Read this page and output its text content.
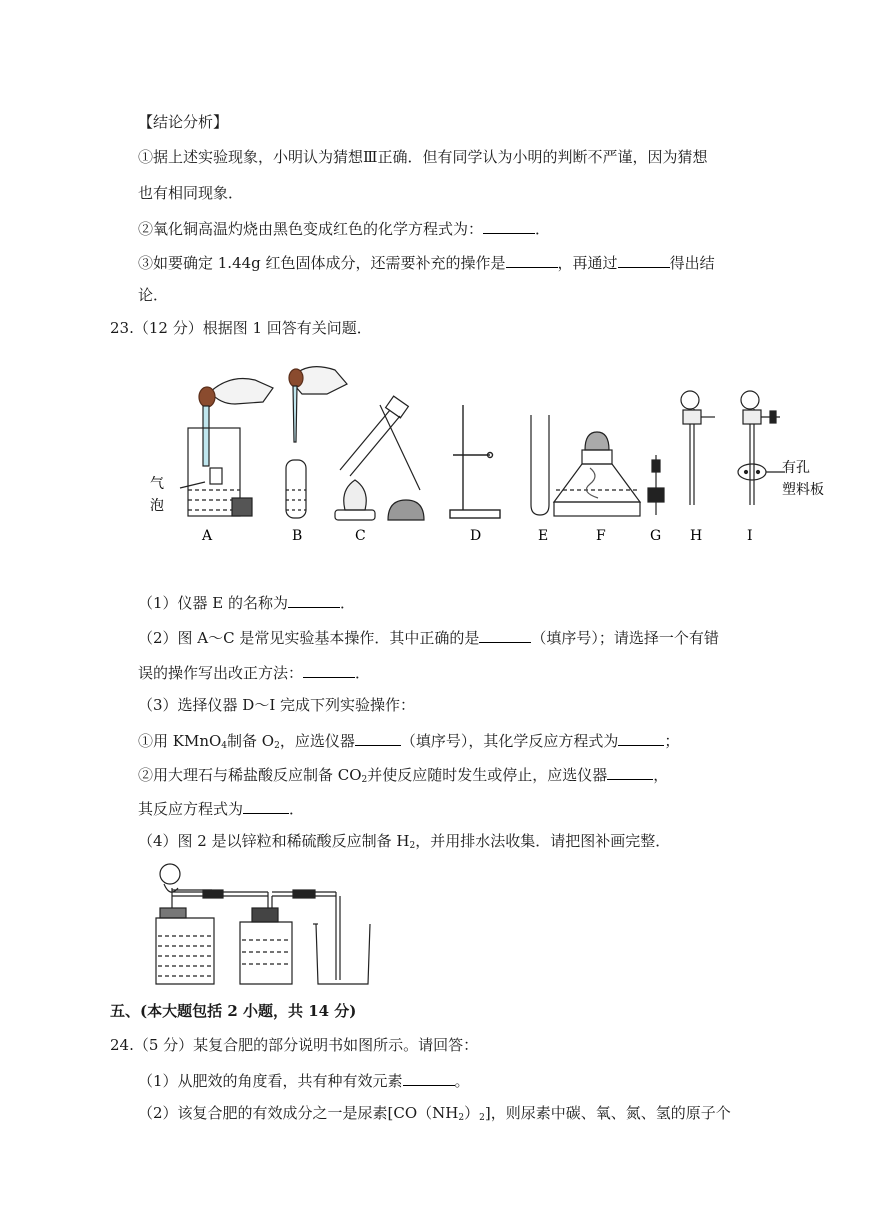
【结论分析】
①据上述实验现象，小明认为猜想Ⅲ正确．但有同学认为小明的判断不严谨，因为猜想
也有相同现象．
②氧化铜高温灼烧由黑色变成红色的化学方程式为：	．
③如要确定 1.44g 红色固体成分，还需要补充的操作是	，再通过	得出结
论．
23.（12 分）根据图 1 回答有关问题．
气
泡
有孔
塑料板
A	B	C	D	E	F	G H	I
（1）仪器 E 的名称为	．
（2）图 A～C 是常见实验基本操作．其中正确的是	（填序号）；请选择一个有错
误的操作写出改正方法：	．
（3）选择仪器 D～I 完成下列实验操作：
①用 KMnO$_4$制备 $O_2$，应选仪器	（填序号），其化学反应方程式为	；
②用大理石与稀盐酸反应制备 $CO_2$并使反应随时发生或停止，应选仪器	，
其反应方程式为	．
（4）图 2 是以锌粒和稀硫酸反应制备 $H_2$，并用排水法收集．请把图补画完整．
五、(本大题包括 2 小题，共 14 分)
24.（5 分）某复合肥的部分说明书如图所示。请回答：
（1）从肥效的角度看，共有种有效元素	。
（2）该复合肥的有效成分之一是尿素$[CO(NH_2)_2]$，则尿素中碳、氧、氮、氢的原子个
